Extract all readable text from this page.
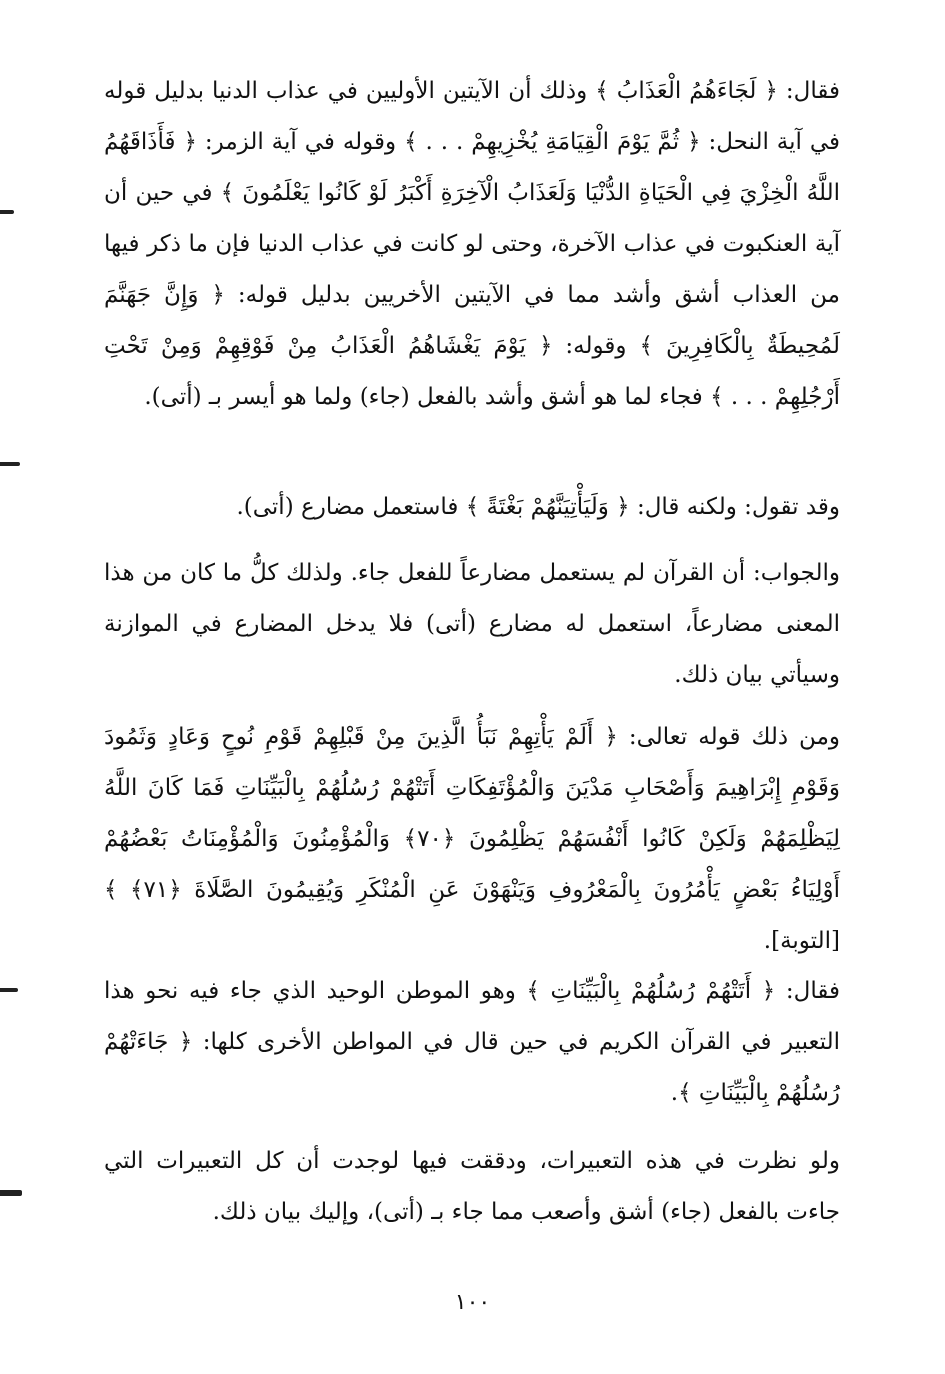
فقال: ﴿ لَجَاءَهُمُ الْعَذَابُ ﴾ وذلك أن الآيتين الأوليين في عذاب الدنيا بدليل قوله في آية النحل: ﴿ ثُمَّ يَوْمَ الْقِيَامَةِ يُخْزِيهِمْ . . . ﴾ وقوله في آية الزمر: ﴿ فَأَذَاقَهُمُ اللَّهُ الْخِزْيَ فِي الْحَيَاةِ الدُّنْيَا وَلَعَذَابُ الْآخِرَةِ أَكْبَرُ لَوْ كَانُوا يَعْلَمُونَ ﴾ في حين أن آية العنكبوت في عذاب الآخرة، وحتى لو كانت في عذاب الدنيا فإن ما ذكر فيها من العذاب أشق وأشد مما في الآيتين الأخريين بدليل قوله: ﴿ وَإِنَّ جَهَنَّمَ لَمُحِيطَةٌ بِالْكَافِرِينَ ﴾ وقوله: ﴿ يَوْمَ يَغْشَاهُمُ الْعَذَابُ مِنْ فَوْقِهِمْ وَمِنْ تَحْتِ أَرْجُلِهِمْ . . . ﴾ فجاء لما هو أشق وأشد بالفعل (جاء) ولما هو أيسر بـ (أتى).

وقد تقول: ولكنه قال: ﴿ وَلَيَأْتِيَنَّهُمْ بَغْتَةً ﴾ فاستعمل مضارع (أتى).

والجواب: أن القرآن لم يستعمل مضارعاً للفعل جاء. ولذلك كلُّ ما كان من هذا المعنى مضارعاً، استعمل له مضارع (أتى) فلا يدخل المضارع في الموازنة وسيأتي بيان ذلك.

ومن ذلك قوله تعالى: ﴿ أَلَمْ يَأْتِهِمْ نَبَأُ الَّذِينَ مِنْ قَبْلِهِمْ قَوْمِ نُوحٍ وَعَادٍ وَثَمُودَ وَقَوْمِ إِبْرَاهِيمَ وَأَصْحَابِ مَدْيَنَ وَالْمُؤْتَفِكَاتِ أَتَتْهُمْ رُسُلُهُمْ بِالْبَيِّنَاتِ فَمَا كَانَ اللَّهُ لِيَظْلِمَهُمْ وَلَكِنْ كَانُوا أَنْفُسَهُمْ يَظْلِمُونَ ﴿٧٠﴾ وَالْمُؤْمِنُونَ وَالْمُؤْمِنَاتُ بَعْضُهُمْ أَوْلِيَاءُ بَعْضٍ يَأْمُرُونَ بِالْمَعْرُوفِ وَيَنْهَوْنَ عَنِ الْمُنْكَرِ وَيُقِيمُونَ الصَّلَاةَ ﴿٧١﴾ ﴾ [التوبة].

فقال: ﴿ أَتَتْهُمْ رُسُلُهُمْ بِالْبَيِّنَاتِ ﴾ وهو الموطن الوحيد الذي جاء فيه نحو هذا التعبير في القرآن الكريم في حين قال في المواطن الأخرى كلها: ﴿ جَاءَتْهُمْ رُسُلُهُمْ بِالْبَيِّنَاتِ ﴾.

ولو نظرت في هذه التعبيرات، ودققت فيها لوجدت أن كل التعبيرات التي جاءت بالفعل (جاء) أشق وأصعب مما جاء بـ (أتى)، وإليك بيان ذلك.

١٠٠
